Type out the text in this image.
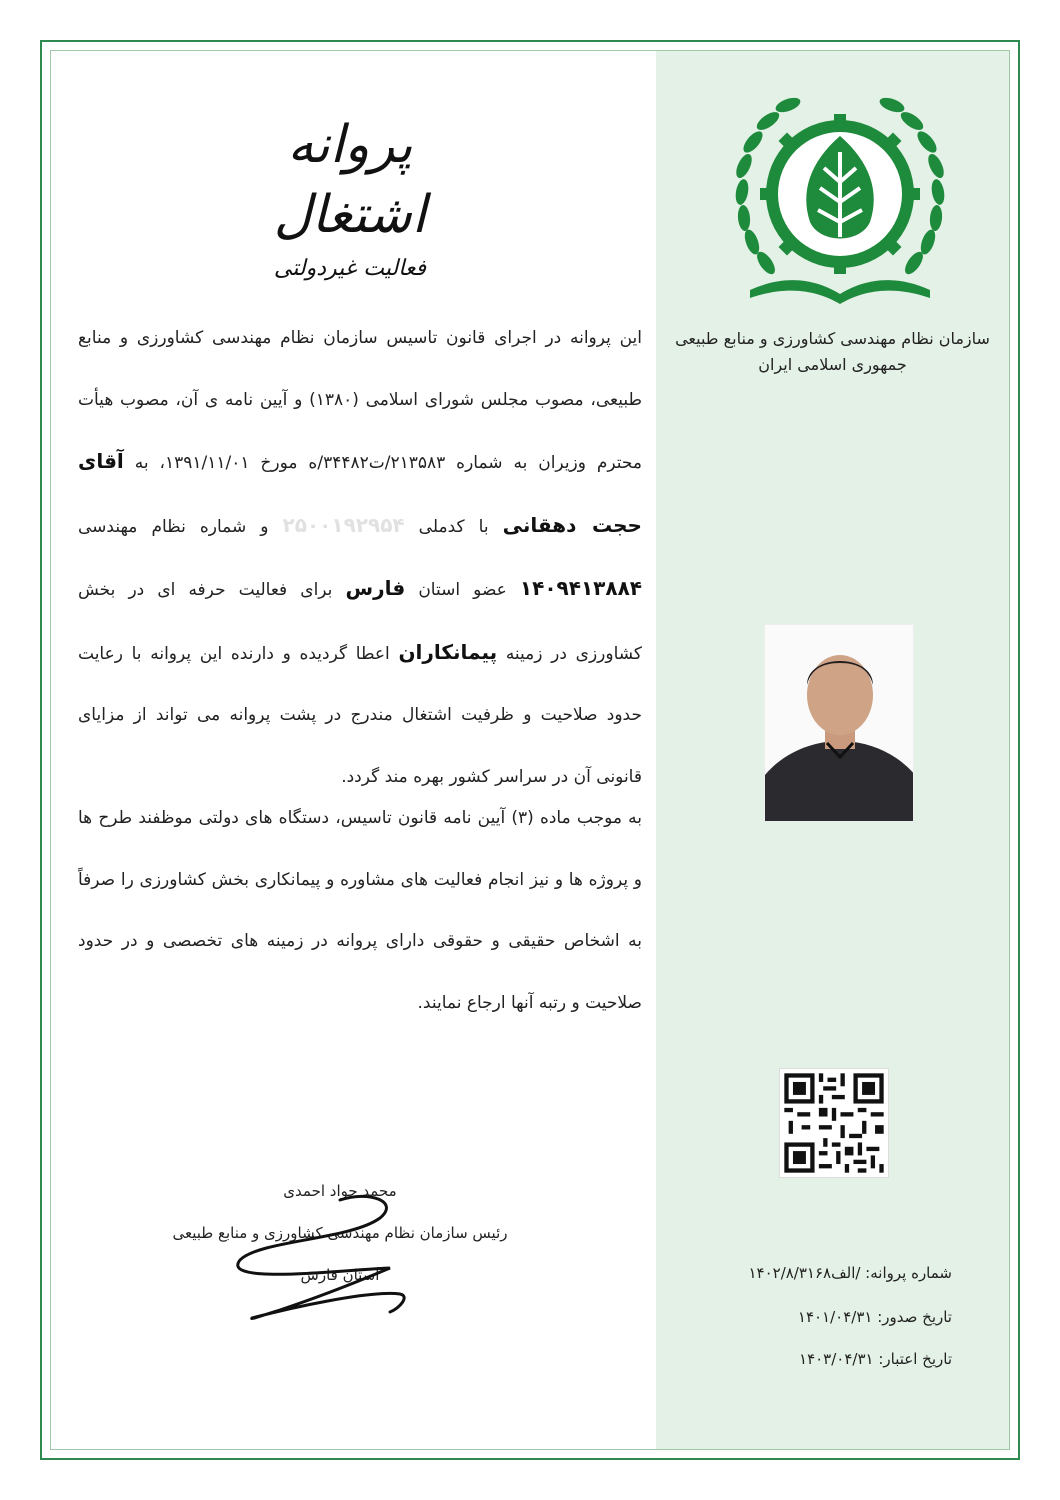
سازمان نظام مهندسی کشاورزی و منابع طبیعی
جمهوری اسلامی ایران
پروانه اشتغال
فعالیت غیردولتی
این پروانه در اجرای قانون تاسیس سازمان نظام مهندسی کشاورزی و منابع طبیعی، مصوب مجلس شورای اسلامی (۱۳۸۰) و آیین نامه ی آن، مصوب هیأت محترم وزیران به شماره ۲۱۳۵۸۳/ت۳۴۴۸۲/ه مورخ ۱۳۹۱/۱۱/۰۱، به آقای حجت دهقانی با کدملی ۲۵۰۰۱۹۲۹۵۴ و شماره نظام مهندسی ۱۴۰۹۴۱۳۸۸۴ عضو استان فارس برای فعالیت حرفه ای در بخش کشاورزی در زمینه پیمانکاران اعطا گردیده و دارنده این پروانه با رعایت حدود صلاحیت و ظرفیت اشتغال مندرج در پشت پروانه می تواند از مزایای قانونی آن در سراسر کشور بهره مند گردد.
به موجب ماده (۳) آیین نامه قانون تاسیس، دستگاه های دولتی موظفند طرح ها و پروژه ها و نیز انجام فعالیت های مشاوره و پیمانکاری بخش کشاورزی را صرفاً به اشخاص حقیقی و حقوقی دارای پروانه در زمینه های تخصصی و در حدود صلاحیت و رتبه آنها ارجاع نمایند.
شماره پروانه: /الف۱۴۰۲/۸/۳۱۶۸
تاریخ صدور: ۱۴۰۱/۰۴/۳۱
تاریخ اعتبار: ۱۴۰۳/۰۴/۳۱
محمد جواد احمدی
رئیس سازمان نظام مهندسی کشاورزی و منابع طبیعی
استان فارس
